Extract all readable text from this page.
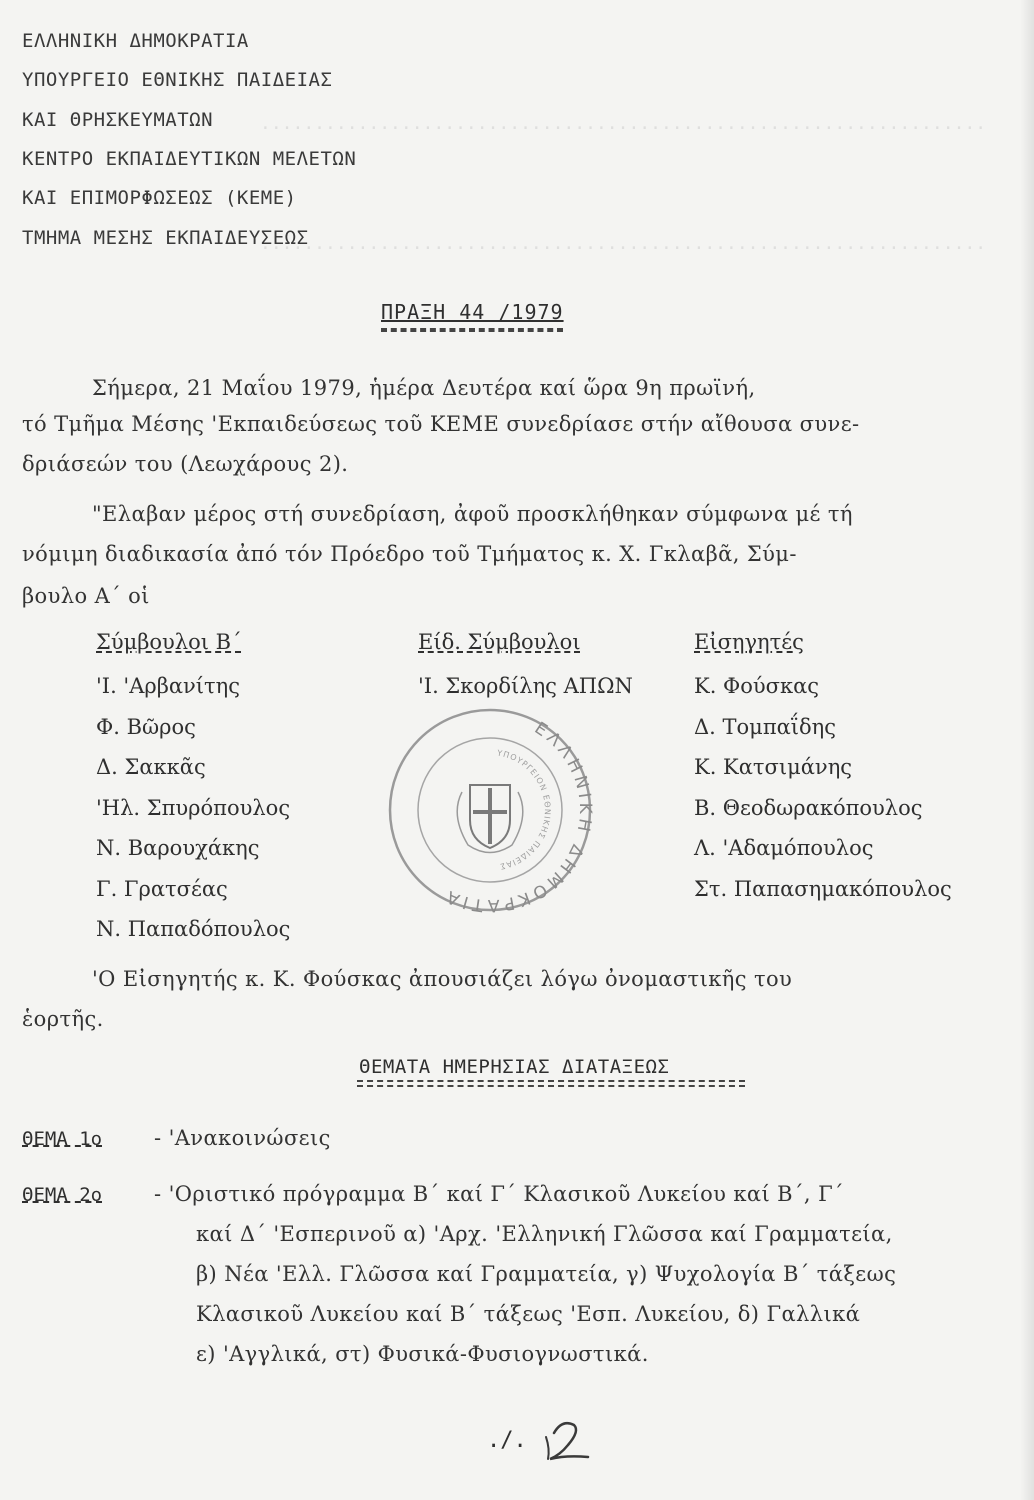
...................................................................
...................................................................
ΕΛΛΗΝΙΚΗ ΔΗΜΟΚΡΑΤΙΑ
ΥΠΟΥΡΓΕΙΟ ΕΘΝΙΚΗΣ ΠΑΙΔΕΙΑΣ
ΚΑΙ ΘΡΗΣΚΕΥΜΑΤΩΝ
ΚΕΝΤΡΟ ΕΚΠΑΙΔΕΥΤΙΚΩΝ ΜΕΛΕΤΩΝ
ΚΑΙ ΕΠΙΜΟΡΦΩΣΕΩΣ (ΚΕΜΕ)
ΤΜΗΜΑ ΜΕΣΗΣ ΕΚΠΑΙΔΕΥΣΕΩΣ
ΠΡΑΞΗ 44 /1979
Σήμερα, 21 Μαΐου 1979, ἡμέρα Δευτέρα καί ὥρα 9η πρωϊνή,
τό Τμῆμα Μέσης 'Εκπαιδεύσεως τοῦ ΚΕΜΕ συνεδρίασε στήν αἴθουσα συνε-
δριάσεών του (Λεωχάρους 2).
"Ελαβαν μέρος στή συνεδρίαση, ἀφοῦ προσκλήθηκαν σύμφωνα μέ τή
νόμιμη διαδικασία ἀπό τόν Πρόεδρο τοῦ Τμήματος κ. Χ. Γκλαβᾶ, Σύμ-
βουλο Α΄ οἱ
Σύμβουλοι Β΄
'Ι. 'Αρβανίτης
Φ. Βῶρος
Δ. Σακκᾶς
'Ηλ. Σπυρόπουλος
Ν. Βαρουχάκης
Γ. Γρατσέας
Ν. Παπαδόπουλος
Είδ. Σύμβουλοι
'Ι. Σκορδίλης ΑΠΩΝ
Εἰσηγητές
Κ. Φούσκας
Δ. Τομπαΐδης
Κ. Κατσιμάνης
Β. Θεοδωρακόπουλος
Λ. 'Αδαμόπουλος
Στ. Παπασημακόπουλος
ΕΛΛΗΝΙΚΗ ΔΗΜΟΚΡΑΤΙΑ
ΥΠΟΥΡΓΕΙΟΝ ΕΘΝΙΚΗΣ ΠΑΙΔΕΙΑΣ
'Ο Εἰσηγητής κ. Κ. Φούσκας ἀπουσιάζει λόγω ὀνομαστικῆς του
ἑορτῆς.
ΘΕΜΑΤΑ ΗΜΕΡΗΣΙΑΣ ΔΙΑΤΑΞΕΩΣ
ΘΕΜΑ 1ο - 'Ανακοινώσεις
ΘΕΜΑ 2ο - 'Οριστικό πρόγραμμα Β΄ καί Γ΄ Κλασικοῦ Λυκείου καί Β΄, Γ΄
καί Δ΄ 'Εσπερινοῦ α) 'Αρχ. 'Ελληνική Γλῶσσα καί Γραμματεία,
β) Νέα 'Ελλ. Γλῶσσα καί Γραμματεία, γ) Ψυχολογία Β΄ τάξεως
Κλασικοῦ Λυκείου καί Β΄ τάξεως 'Εσπ. Λυκείου, δ) Γαλλικά
ε) 'Αγγλικά, στ) Φυσικά-Φυσιογνωστικά.
./.
